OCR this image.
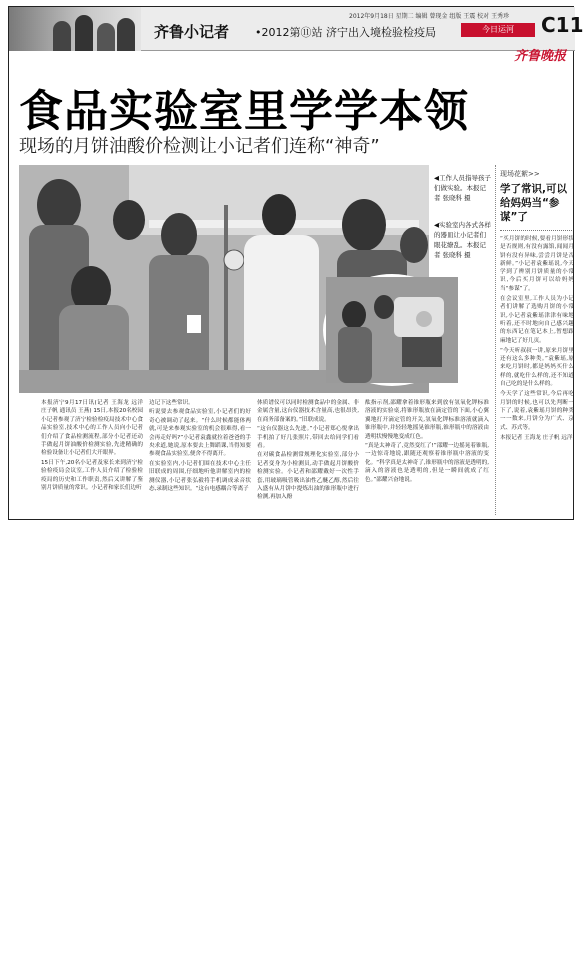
齐鲁小记者 •2012第⑪站 济宁出入境检验检疫局
2012年9月18日 星期二 编辑 曾现金 组版 王震 校对 王秀珍
今日运河	C11
齐鲁晚报
食品实验室里学学本领
现场的月饼油酸价检测让小记者们连称“神奇”
◀工作人员指导孩子们做实验。本报记者 张晓科 摄
◀实验室内各式各样的器皿让小记者们眼花缭乱。本报记者 张晓科 摄

本报济宁9月17日讯(记者 王海龙 远洋 庄子帆 通讯员 王燕) 15日,本报20名校园小记者参观了济宁检验检疫局技术中心食品实验室,技术中心的工作人员向小记者们介绍了食品检测流程,部分小记者还动手做起月饼油酸价检测实验,先进精确的检验设备让小记者们大开眼界。

15日下午,20名小记者及家长来到济宁检验检疫局会议室,工作人员介绍了检验检疫局的历史和工作职责,然后又讲解了鉴别月饼质量的常识。小记者和家长们边听

边记下这些常识。

听说要去参观食品实验室,小记者们的好奇心被调动了起来。“什么时候都能体两就,可是来参观实验室的机会很难得,看一会再走好吗?”小记者袁鑫就拉着爸爸的手央求道,她说,原本要去上舞蹈课,当得知要参观食品实验室,便舍不得离开。

在实验室内,小记者们围在技术中心主任旧联成的周围,仔细地听他讲解室内的检测仪器,小记者张弘毅将手机调成录音状态,录制这些知识。“这台电感耦合等离子

体质谱仪可以同时检测食品中的金属、非金属含量,这台仪器技术含量高,也很昂贵,在商务部备案的。”旧联成说。

“这台仪器这么先进。”小记者郑心悦拿出手机拍了好几张照片,带回去给同学们看看。

在对碳食品检测常规理化实验室,部分小记者变身为小检测员,动手做起月饼酸价检测实验。小记者和邵耀戴好一次性手套,用玻璃吸管吸出油性乙醚乙醇,然后往入盛有从月饼中提炼出油的锥形瓶中进行检测,再加入酚

酞指示剂,邵耀拿着锥形瓶来到放有氢氧化钾标准溶液的实验桌,将锥形瓶放在滴定管的下面,小心翼翼地打开滴定管的开关,氢氧化钾标准溶液就滴入锥形瓶中,并轻轻地摇晃锥形瓶,锥形瓶中的溶液由透明状慢慢地变成红色。

“真是太神奇了,竟然变红了!”邵耀一边摇晃着锥瓶,一边惊奇地说,跟随还观察着锥形瓶中溶液的变化。“科学真是太神奇了,锥形瓶中的溶液是透明的,滴入的溶液也是透明的,但是一瞬间就成了红色。”邵耀兴奋地说。

现场花絮>>
学了常识,可以给妈妈当“参谋”了

“买月饼的时候,要看月饼形状是否规则,有没有露馅,闻闻月饼有没有异味,尝尝月饼是否新鲜。”小记者袁紫瑶说,今天学到了辨别月饼质量的小常识,今后买月饼可以给妈妈当“参谋”了。

在会议室里,工作人员为小记者们讲解了选购月饼的小常识,小记者袁紫瑶津津有味地听着,还不时地向自己感兴趣的东西记在笔记本上,暂想跟麻地记了好几页。

“今天听叔叔一讲,原来月饼里还有这么多种类。”袁紫瑶,原来吃月饼时,都是妈妈买什么样的,就吃什么样的,还不知道自己吃的是什么样的。

今天学了这些常识,今后再吃月饼的时候,也可以先判断一下了,说着,袁紫瑶月饼的种类一一数来,月饼分为广式、京式、苏式等。

本报记者 王海龙 庄子帆 远洋
